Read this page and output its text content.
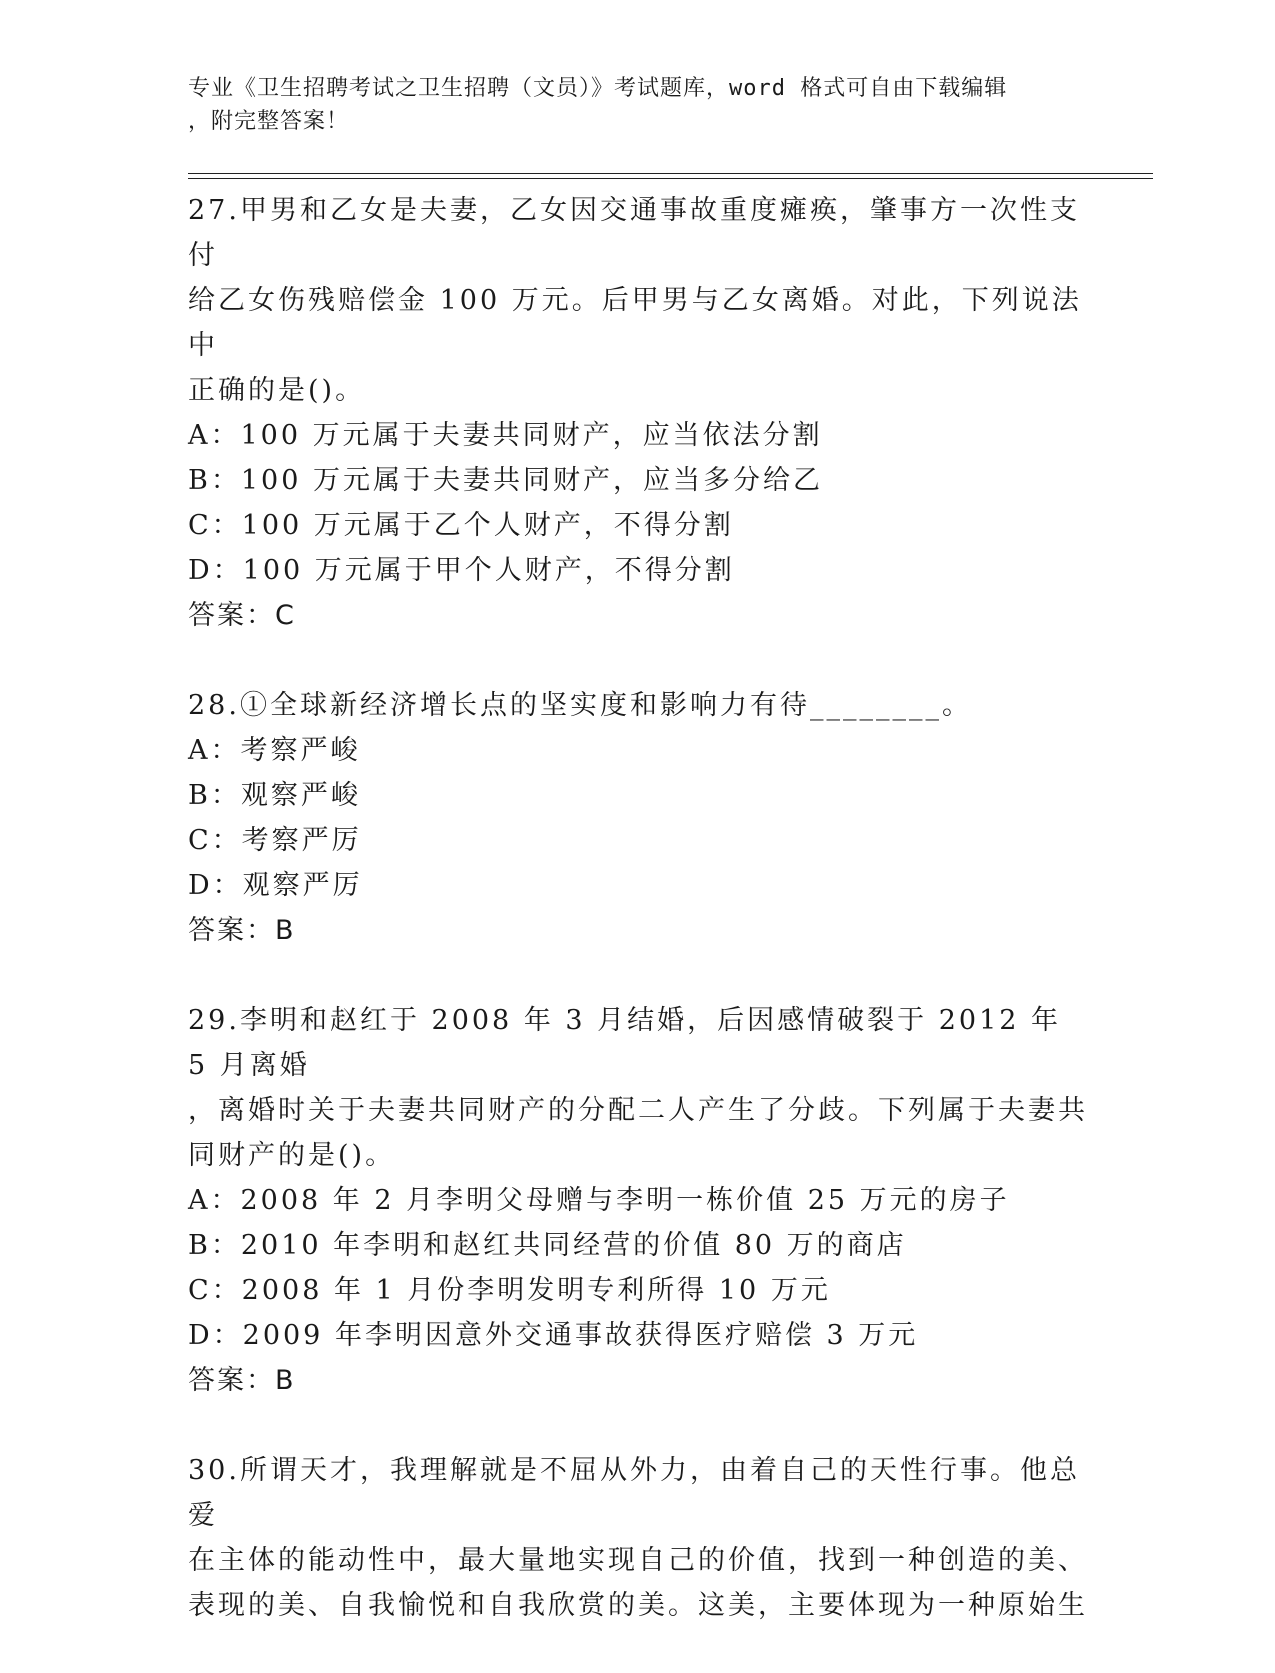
专业《卫生招聘考试之卫生招聘（文员）》考试题库，word 格式可自由下载编辑
，附完整答案！
27.甲男和乙女是夫妻，乙女因交通事故重度瘫痪，肇事方一次性支付
给乙女伤残赔偿金 100 万元。后甲男与乙女离婚。对此，下列说法中
正确的是()。
A：100 万元属于夫妻共同财产，应当依法分割
B：100 万元属于夫妻共同财产，应当多分给乙
C：100 万元属于乙个人财产，不得分割
D：100 万元属于甲个人财产，不得分割
答案：C
28.①全球新经济增长点的坚实度和影响力有待________。
A：考察严峻
B：观察严峻
C：考察严厉
D：观察严厉
答案：B
29.李明和赵红于 2008 年 3 月结婚，后因感情破裂于 2012 年 5 月离婚
，离婚时关于夫妻共同财产的分配二人产生了分歧。下列属于夫妻共
同财产的是()。
A：2008 年 2 月李明父母赠与李明一栋价值 25 万元的房子
B：2010 年李明和赵红共同经营的价值 80 万的商店
C：2008 年 1 月份李明发明专利所得 10 万元
D：2009 年李明因意外交通事故获得医疗赔偿 3 万元
答案：B
30.所谓天才，我理解就是不屈从外力，由着自己的天性行事。他总爱
在主体的能动性中，最大量地实现自己的价值，找到一种创造的美、
表现的美、自我愉悦和自我欣赏的美。这美，主要体现为一种原始生
